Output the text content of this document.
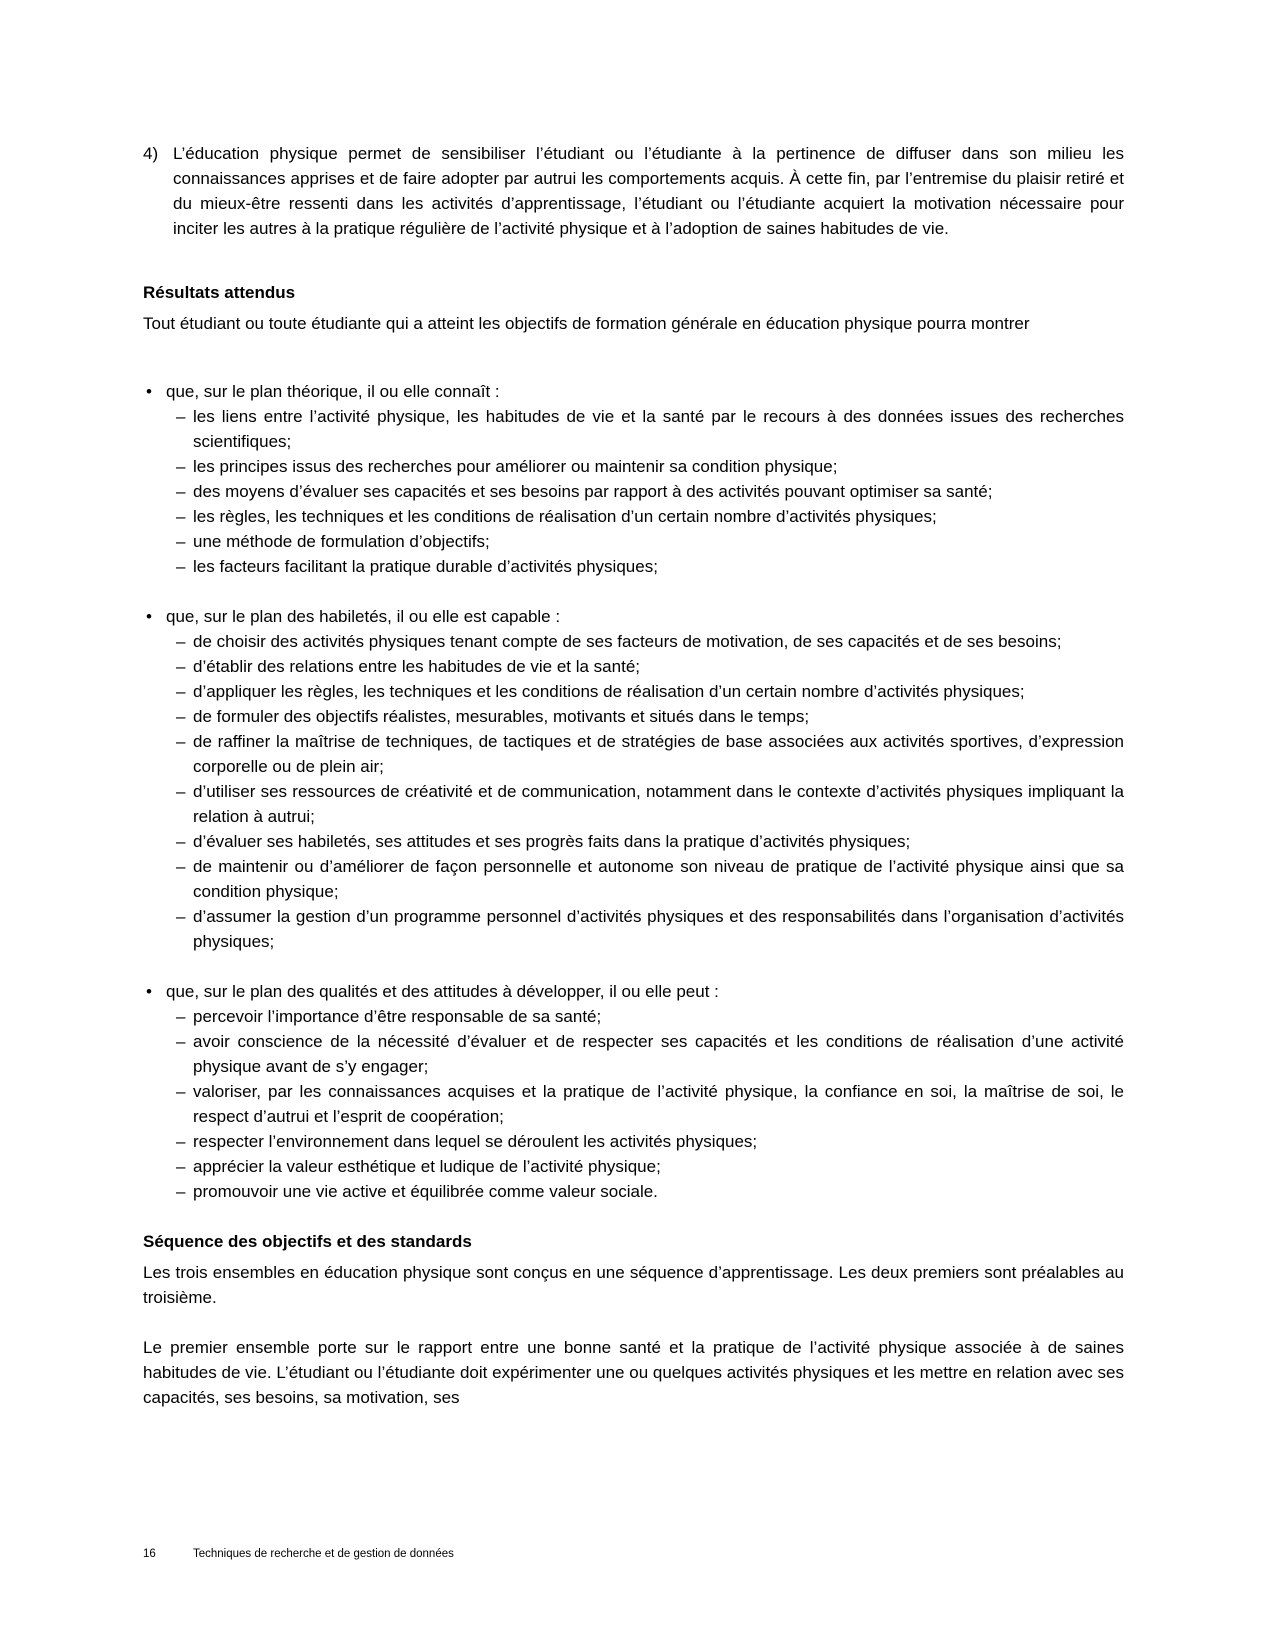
4) L’éducation physique permet de sensibiliser l’étudiant ou l’étudiante à la pertinence de diffuser dans son milieu les connaissances apprises et de faire adopter par autrui les comportements acquis. À cette fin, par l’entremise du plaisir retiré et du mieux-être ressenti dans les activités d’apprentissage, l’étudiant ou l’étudiante acquiert la motivation nécessaire pour inciter les autres à la pratique régulière de l’activité physique et à l’adoption de saines habitudes de vie.
Résultats attendus

Tout étudiant ou toute étudiante qui a atteint les objectifs de formation générale en éducation physique pourra montrer

• que, sur le plan théorique, il ou elle connaît :
– les liens entre l’activité physique, les habitudes de vie et la santé par le recours à des données issues des recherches scientifiques;
– les principes issus des recherches pour améliorer ou maintenir sa condition physique;
– des moyens d’évaluer ses capacités et ses besoins par rapport à des activités pouvant optimiser sa santé;
– les règles, les techniques et les conditions de réalisation d’un certain nombre d’activités physiques;
– une méthode de formulation d’objectifs;
– les facteurs facilitant la pratique durable d’activités physiques;
• que, sur le plan des habiletés, il ou elle est capable :
– de choisir des activités physiques tenant compte de ses facteurs de motivation, de ses capacités et de ses besoins;
– d’établir des relations entre les habitudes de vie et la santé;
– d’appliquer les règles, les techniques et les conditions de réalisation d’un certain nombre d’activités physiques;
– de formuler des objectifs réalistes, mesurables, motivants et situés dans le temps;
– de raffiner la maîtrise de techniques, de tactiques et de stratégies de base associées aux activités sportives, d’expression corporelle ou de plein air;
– d’utiliser ses ressources de créativité et de communication, notamment dans le contexte d’activités physiques impliquant la relation à autrui;
– d’évaluer ses habiletés, ses attitudes et ses progrès faits dans la pratique d’activités physiques;
– de maintenir ou d’améliorer de façon personnelle et autonome son niveau de pratique de l’activité physique ainsi que sa condition physique;
– d’assumer la gestion d’un programme personnel d’activités physiques et des responsabilités dans l’organisation d’activités physiques;
• que, sur le plan des qualités et des attitudes à développer, il ou elle peut :
– percevoir l’importance d’être responsable de sa santé;
– avoir conscience de la nécessité d’évaluer et de respecter ses capacités et les conditions de réalisation d’une activité physique avant de s’y engager;
– valoriser, par les connaissances acquises et la pratique de l’activité physique, la confiance en soi, la maîtrise de soi, le respect d’autrui et l’esprit de coopération;
– respecter l’environnement dans lequel se déroulent les activités physiques;
– apprécier la valeur esthétique et ludique de l’activité physique;
– promouvoir une vie active et équilibrée comme valeur sociale.
Séquence des objectifs et des standards

Les trois ensembles en éducation physique sont conçus en une séquence d’apprentissage. Les deux premiers sont préalables au troisième.

Le premier ensemble porte sur le rapport entre une bonne santé et la pratique de l’activité physique associée à de saines habitudes de vie. L’étudiant ou l’étudiante doit expérimenter une ou quelques activités physiques et les mettre en relation avec ses capacités, ses besoins, sa motivation, ses

16	Techniques de recherche et de gestion de données
